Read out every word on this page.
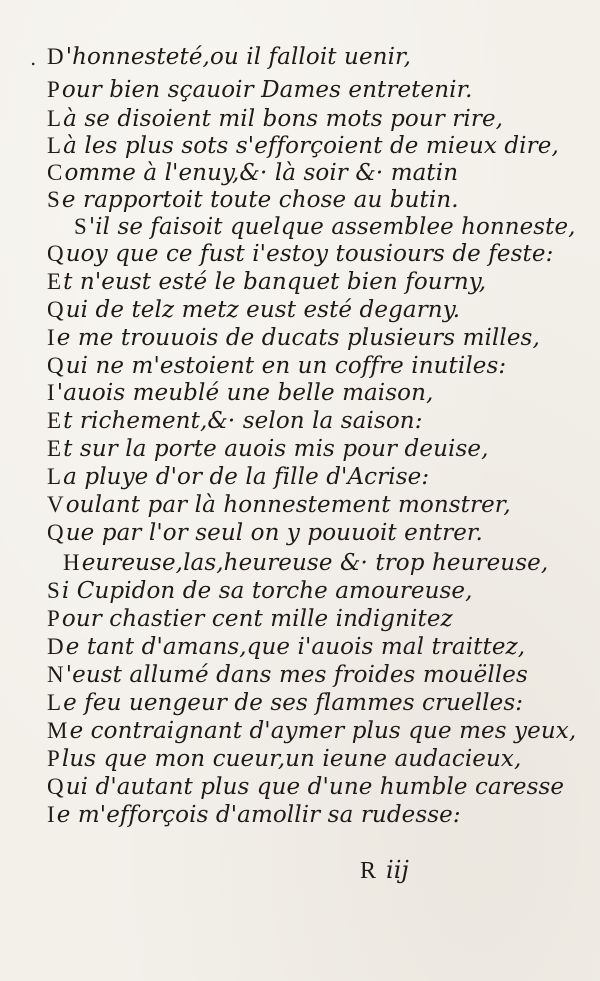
. D'honnesteté,ou il falloit uenir,
Pour bien sçauoir Dames entretenir.
Là se disoient mil bons mots pour rire,
Là les plus sots s'efforçoient de mieux dire,
Comme à l'enuy,&· là soir &· matin
Se rapportoit toute chose au butin.
S'il se faisoit quelque assemblee honneste,
Quoy que ce fust i'estoy tousiours de feste:
Et n'eust esté le banquet bien fourny,
Qui de telz metz eust esté degarny.
Ie me trouuois de ducats plusieurs milles,
Qui ne m'estoient en un coffre inutiles:
I'auois meublé une belle maison,
Et richement,&· selon la saison:
Et sur la porte auois mis pour deuise,
La pluye d'or de la fille d'Acrise:
Voulant par là honnestement monstrer,
Que par l'or seul on y pouuoit entrer.
Heureuse,las,heureuse &· trop heureuse,
Si Cupidon de sa torche amoureuse,
Pour chastier cent mille indignitez
De tant d'amans,que i'auois mal traittez,
N'eust allumé dans mes froides mouëlles
Le feu uengeur de ses flammes cruelles:
Me contraignant d'aymer plus que mes yeux,
Plus que mon cueur,un ieune audacieux,
Qui d'autant plus que d'une humble caresse
Ie m'efforçois d'amollir sa rudesse:
R iij
